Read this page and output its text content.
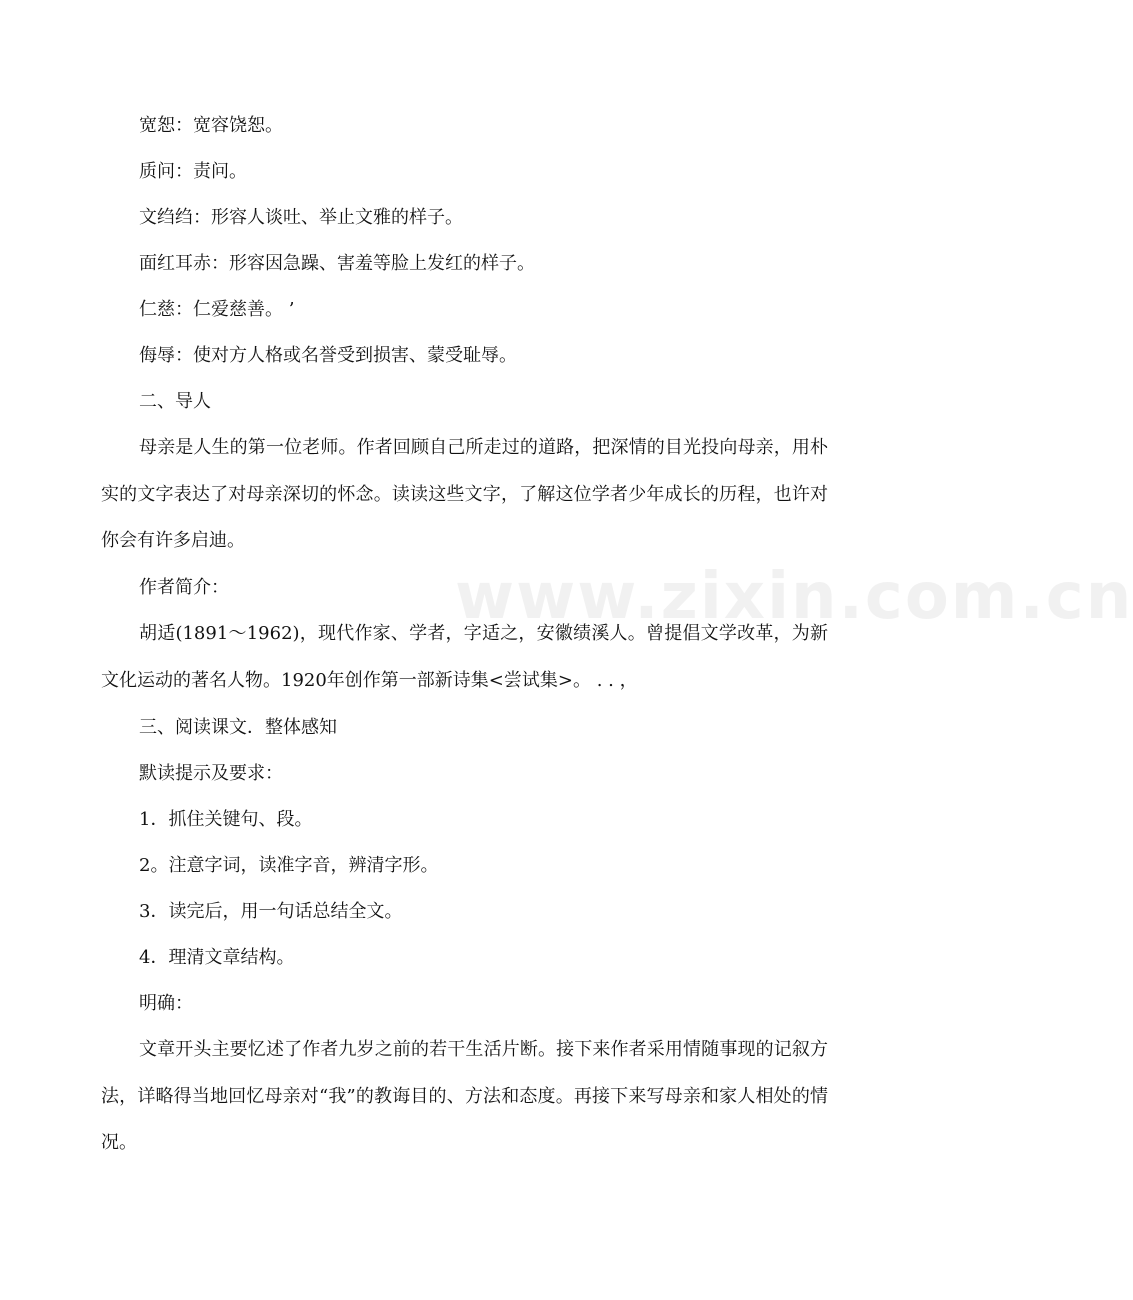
www.zixin.com.cn
宽恕：宽容饶恕。
质问：责问。
文绉绉：形容人谈吐、举止文雅的样子。
面红耳赤：形容因急躁、害羞等脸上发红的样子。
仁慈：仁爱慈善。 ’
侮辱：使对方人格或名誉受到损害、蒙受耻辱。
二、导人
母亲是人生的第一位老师。作者回顾自己所走过的道路，把深情的目光投向母亲，用朴实的文字表达了对母亲深切的怀念。读读这些文字，了解这位学者少年成长的历程，也许对你会有许多启迪。
作者简介：
胡适(1891～1962)，现代作家、学者，字适之，安徽绩溪人。曾提倡文学改革，为新文化运动的著名人物。1920年创作第一部新诗集<尝试集>。 . . ，
三、阅读课文．整体感知
默读提示及要求：
1．抓住关键句、段。
2。注意字词，读准字音，辨清字形。
3．读完后，用一句话总结全文。
4．理清文章结构。
明确：
文章开头主要忆述了作者九岁之前的若干生活片断。接下来作者采用情随事现的记叙方法，详略得当地回忆母亲对“我”的教诲目的、方法和态度。再接下来写母亲和家人相处的情况。
